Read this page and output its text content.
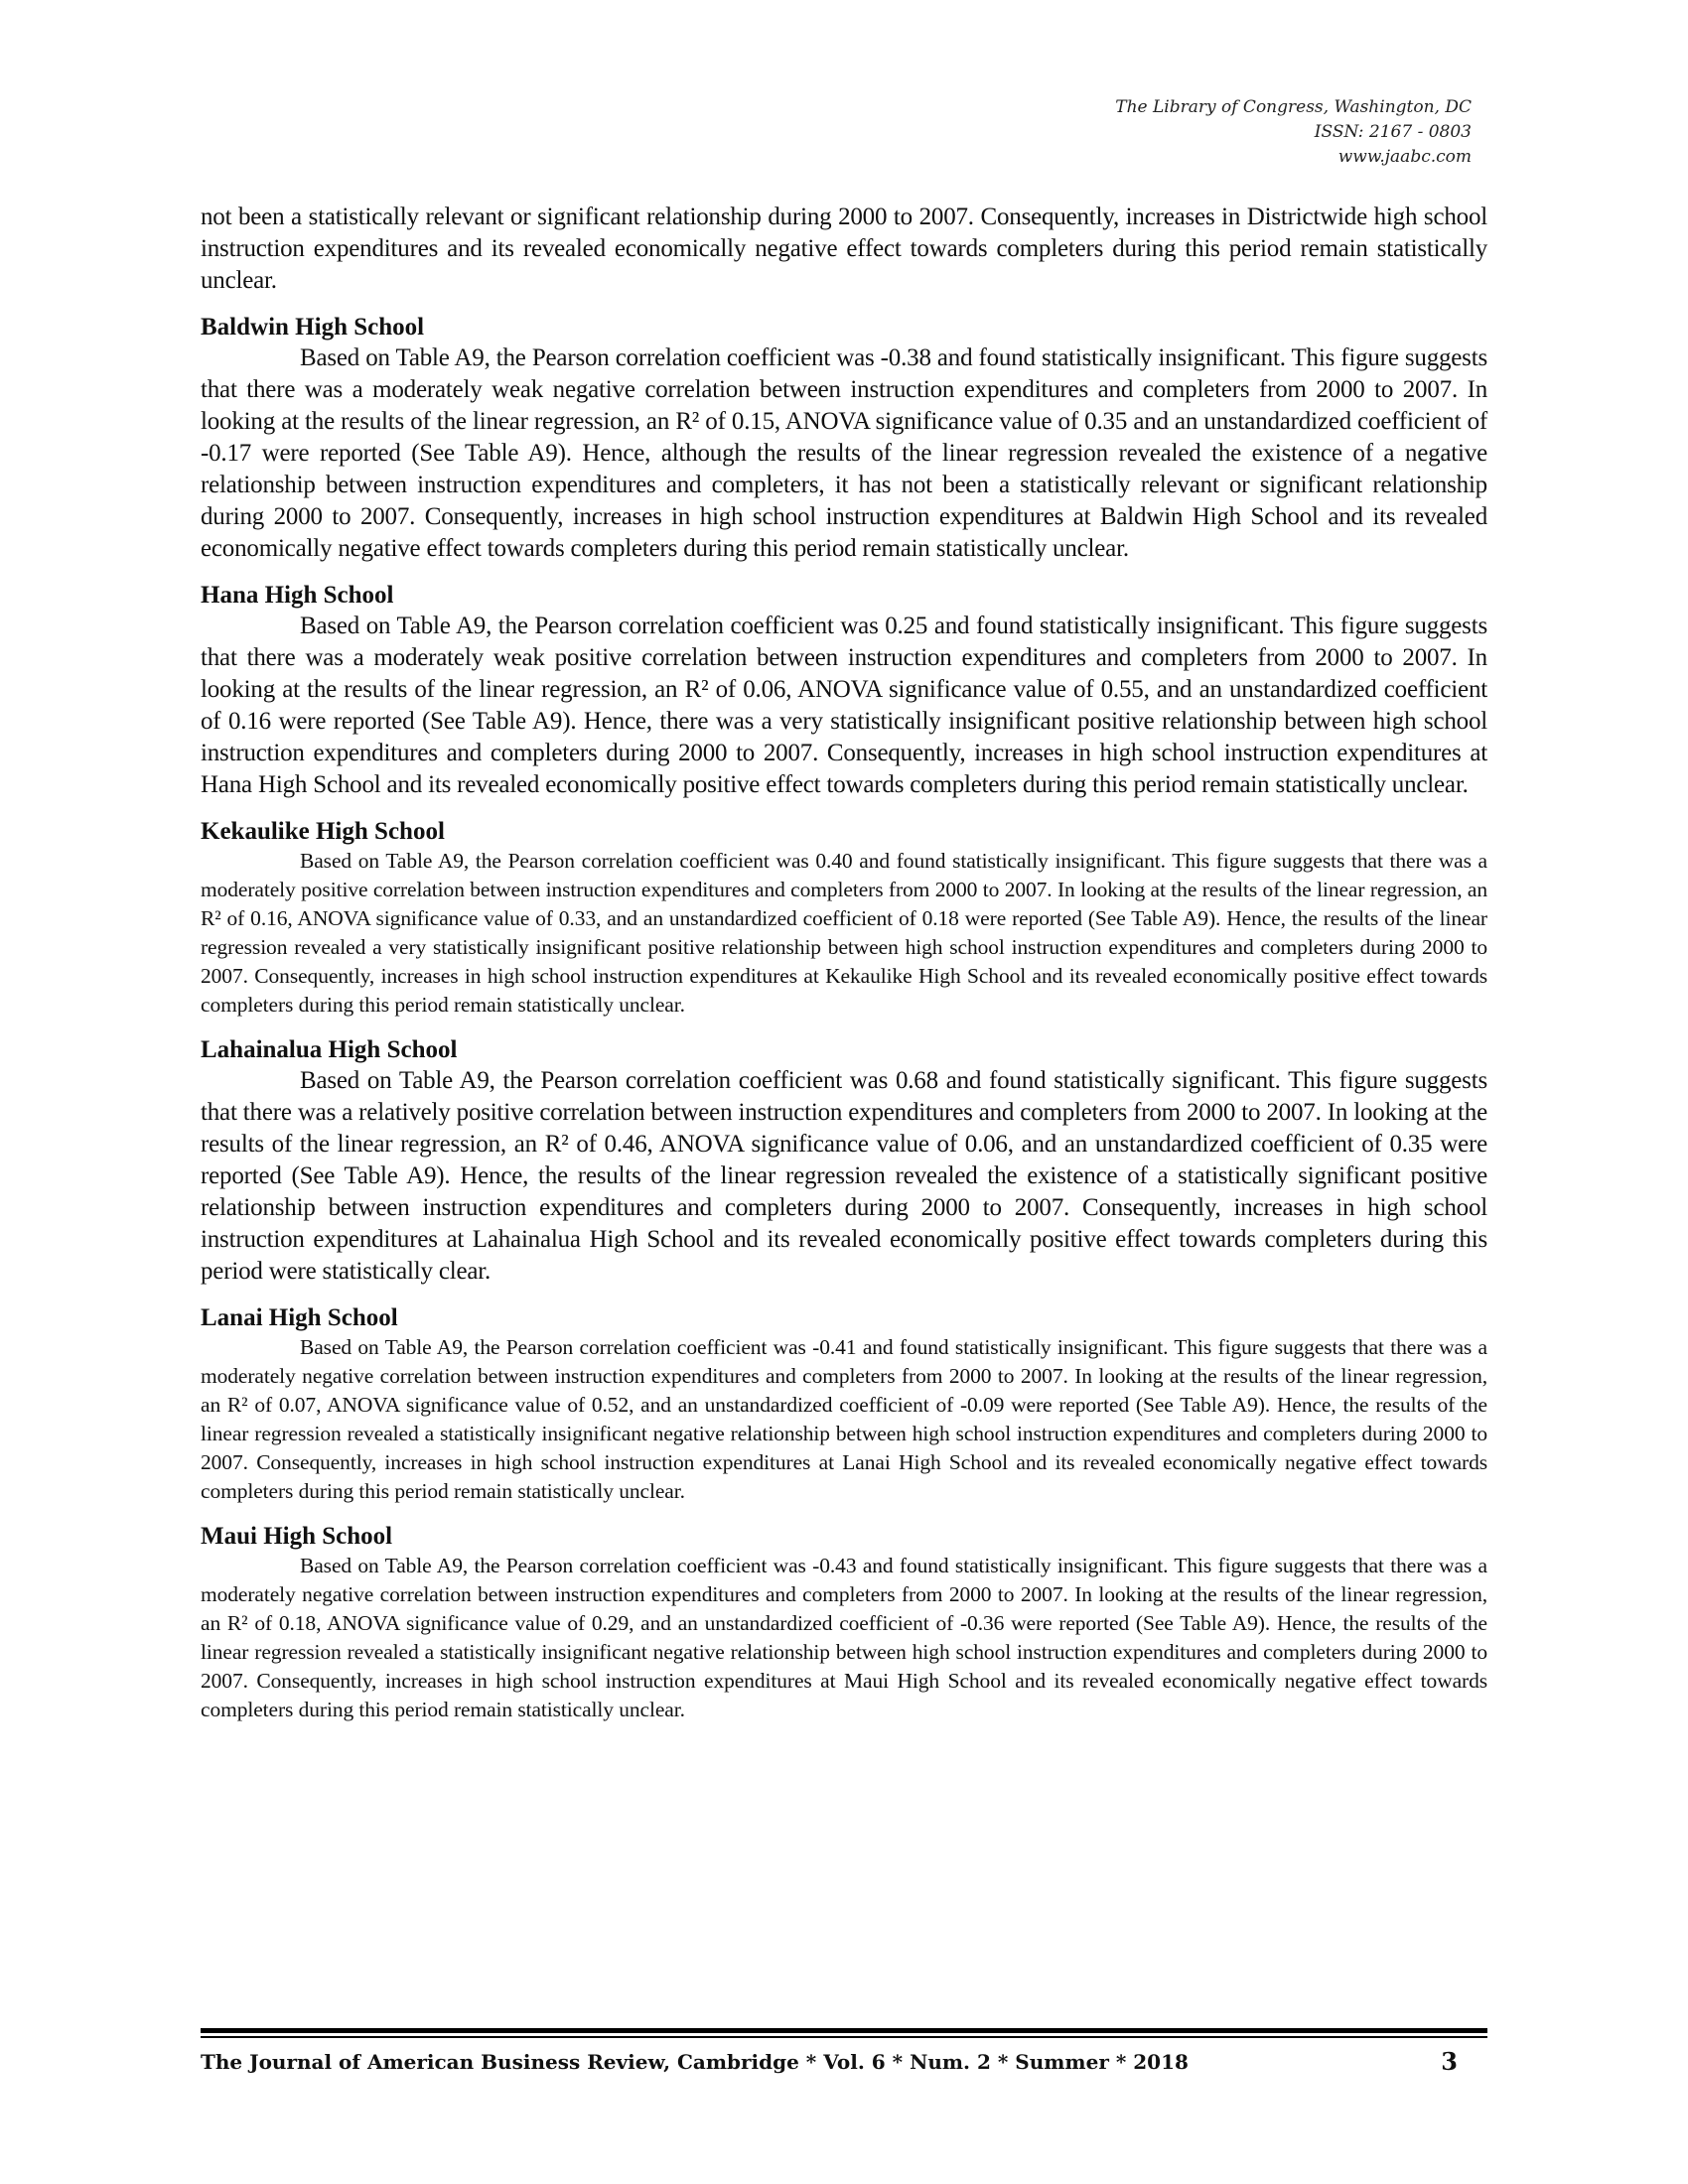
The Library of Congress, Washington, DC
ISSN: 2167 - 0803
www.jaabc.com

not been a statistically relevant or significant relationship during 2000 to 2007. Consequently, increases in Districtwide high school instruction expenditures and its revealed economically negative effect towards completers during this period remain statistically unclear.

Baldwin High School

Based on Table A9, the Pearson correlation coefficient was -0.38 and found statistically insignificant. This figure suggests that there was a moderately weak negative correlation between instruction expenditures and completers from 2000 to 2007. In looking at the results of the linear regression, an R² of 0.15, ANOVA significance value of 0.35 and an unstandardized coefficient of -0.17 were reported (See Table A9). Hence, although the results of the linear regression revealed the existence of a negative relationship between instruction expenditures and completers, it has not been a statistically relevant or significant relationship during 2000 to 2007. Consequently, increases in high school instruction expenditures at Baldwin High School and its revealed economically negative effect towards completers during this period remain statistically unclear.

Hana High School

Based on Table A9, the Pearson correlation coefficient was 0.25 and found statistically insignificant. This figure suggests that there was a moderately weak positive correlation between instruction expenditures and completers from 2000 to 2007. In looking at the results of the linear regression, an R² of 0.06, ANOVA significance value of 0.55, and an unstandardized coefficient of 0.16 were reported (See Table A9). Hence, there was a very statistically insignificant positive relationship between high school instruction expenditures and completers during 2000 to 2007. Consequently, increases in high school instruction expenditures at Hana High School and its revealed economically positive effect towards completers during this period remain statistically unclear.

Kekaulike High School

Based on Table A9, the Pearson correlation coefficient was 0.40 and found statistically insignificant. This figure suggests that there was a moderately positive correlation between instruction expenditures and completers from 2000 to 2007. In looking at the results of the linear regression, an R² of 0.16, ANOVA significance value of 0.33, and an unstandardized coefficient of 0.18 were reported (See Table A9). Hence, the results of the linear regression revealed a very statistically insignificant positive relationship between high school instruction expenditures and completers during 2000 to 2007. Consequently, increases in high school instruction expenditures at Kekaulike High School and its revealed economically positive effect towards completers during this period remain statistically unclear.

Lahainalua High School

Based on Table A9, the Pearson correlation coefficient was 0.68 and found statistically significant. This figure suggests that there was a relatively positive correlation between instruction expenditures and completers from 2000 to 2007. In looking at the results of the linear regression, an R² of 0.46, ANOVA significance value of 0.06, and an unstandardized coefficient of 0.35 were reported (See Table A9). Hence, the results of the linear regression revealed the existence of a statistically significant positive relationship between instruction expenditures and completers during 2000 to 2007. Consequently, increases in high school instruction expenditures at Lahainalua High School and its revealed economically positive effect towards completers during this period were statistically clear.

Lanai High School

Based on Table A9, the Pearson correlation coefficient was -0.41 and found statistically insignificant. This figure suggests that there was a moderately negative correlation between instruction expenditures and completers from 2000 to 2007. In looking at the results of the linear regression, an R² of 0.07, ANOVA significance value of 0.52, and an unstandardized coefficient of -0.09 were reported (See Table A9). Hence, the results of the linear regression revealed a statistically insignificant negative relationship between high school instruction expenditures and completers during 2000 to 2007. Consequently, increases in high school instruction expenditures at Lanai High School and its revealed economically negative effect towards completers during this period remain statistically unclear.

Maui High School

Based on Table A9, the Pearson correlation coefficient was -0.43 and found statistically insignificant. This figure suggests that there was a moderately negative correlation between instruction expenditures and completers from 2000 to 2007. In looking at the results of the linear regression, an R² of 0.18, ANOVA significance value of 0.29, and an unstandardized coefficient of -0.36 were reported (See Table A9). Hence, the results of the linear regression revealed a statistically insignificant negative relationship between high school instruction expenditures and completers during 2000 to 2007. Consequently, increases in high school instruction expenditures at Maui High School and its revealed economically negative effect towards completers during this period remain statistically unclear.

The Journal of American Business Review, Cambridge * Vol. 6 * Num. 2 * Summer * 2018	3
